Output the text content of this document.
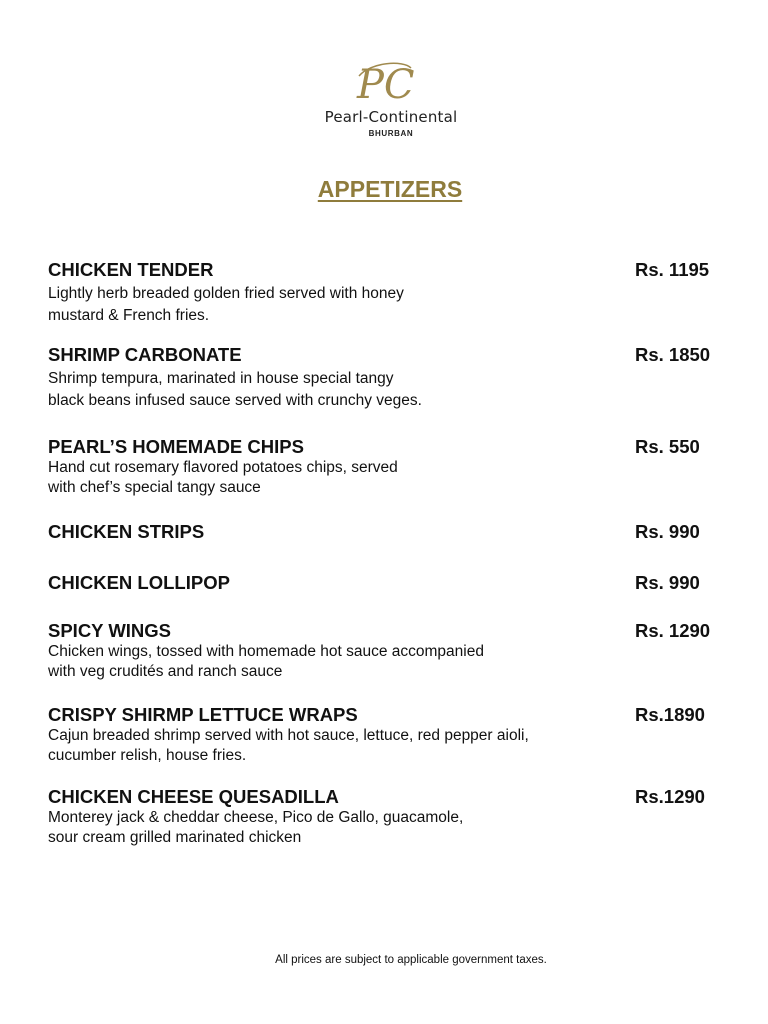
PC
Pearl-Continental
BHURBAN
APPETIZERS
CHICKEN TENDER	Rs. 1195
Lightly herb breaded golden fried served with honey
mustard & French fries.
SHRIMP CARBONATE	Rs. 1850
Shrimp tempura, marinated in house special tangy
black beans infused sauce served with crunchy veges.
PEARL’S HOMEMADE CHIPS	Rs. 550
Hand cut rosemary flavored potatoes chips, served
with chef’s special tangy sauce
CHICKEN STRIPS	Rs. 990
CHICKEN LOLLIPOP	Rs. 990
SPICY WINGS	Rs. 1290
Chicken wings, tossed with homemade hot sauce accompanied
with veg crudités and ranch sauce
CRISPY SHIRMP LETTUCE WRAPS	Rs.1890
Cajun breaded shrimp served with hot sauce, lettuce, red pepper aioli,
cucumber relish, house fries.
CHICKEN CHEESE QUESADILLA	Rs.1290
Monterey jack & cheddar cheese, Pico de Gallo, guacamole,
sour cream grilled marinated chicken
All prices are subject to applicable government taxes.
